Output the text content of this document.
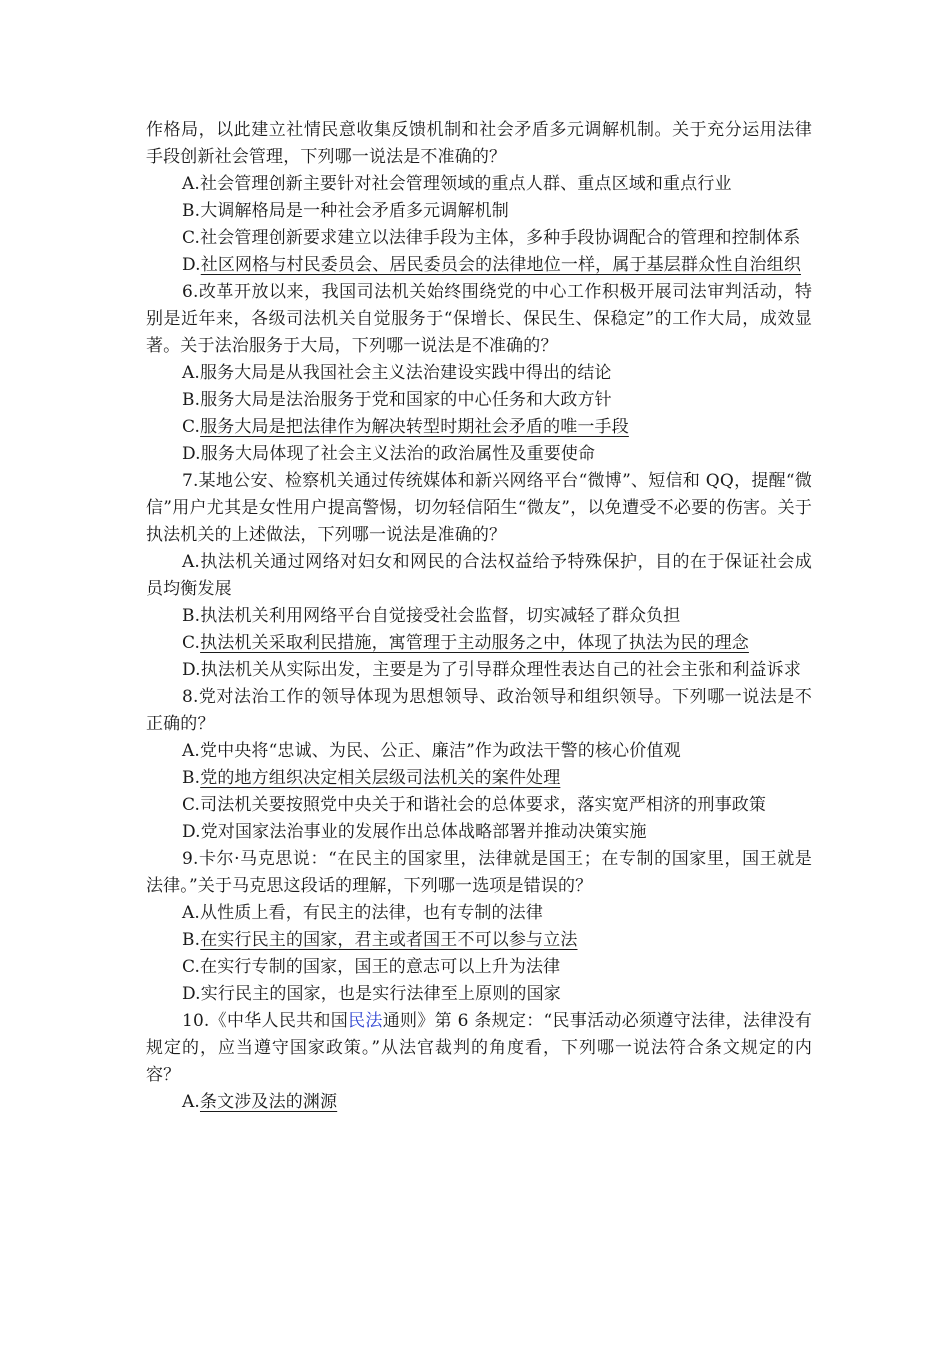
作格局，以此建立社情民意收集反馈机制和社会矛盾多元调解机制。关于充分运用法律手段创新社会管理，下列哪一说法是不准确的？

A.社会管理创新主要针对社会管理领域的重点人群、重点区域和重点行业

B.大调解格局是一种社会矛盾多元调解机制

C.社会管理创新要求建立以法律手段为主体，多种手段协调配合的管理和控制体系

D.社区网格与村民委员会、居民委员会的法律地位一样，属于基层群众性自治组织

6.改革开放以来，我国司法机关始终围绕党的中心工作积极开展司法审判活动，特别是近年来，各级司法机关自觉服务于“保增长、保民生、保稳定”的工作大局，成效显著。关于法治服务于大局，下列哪一说法是不准确的？

A.服务大局是从我国社会主义法治建设实践中得出的结论

B.服务大局是法治服务于党和国家的中心任务和大政方针

C.服务大局是把法律作为解决转型时期社会矛盾的唯一手段

D.服务大局体现了社会主义法治的政治属性及重要使命

7.某地公安、检察机关通过传统媒体和新兴网络平台“微博”、短信和 QQ，提醒“微信”用户尤其是女性用户提高警惕，切勿轻信陌生“微友”，以免遭受不必要的伤害。关于执法机关的上述做法，下列哪一说法是准确的？

A.执法机关通过网络对妇女和网民的合法权益给予特殊保护，目的在于保证社会成员均衡发展

B.执法机关利用网络平台自觉接受社会监督，切实减轻了群众负担

C.执法机关采取利民措施，寓管理于主动服务之中，体现了执法为民的理念

D.执法机关从实际出发，主要是为了引导群众理性表达自己的社会主张和利益诉求

8.党对法治工作的领导体现为思想领导、政治领导和组织领导。下列哪一说法是不正确的？

A.党中央将“忠诚、为民、公正、廉洁”作为政法干警的核心价值观

B.党的地方组织决定相关层级司法机关的案件处理

C.司法机关要按照党中央关于和谐社会的总体要求，落实宽严相济的刑事政策

D.党对国家法治事业的发展作出总体战略部署并推动决策实施

9.卡尔·马克思说：“在民主的国家里，法律就是国王；在专制的国家里，国王就是法律。”关于马克思这段话的理解，下列哪一选项是错误的？

A.从性质上看，有民主的法律，也有专制的法律

B.在实行民主的国家，君主或者国王不可以参与立法

C.在实行专制的国家，国王的意志可以上升为法律

D.实行民主的国家，也是实行法律至上原则的国家

10.《中华人民共和国民法通则》第 6 条规定：“民事活动必须遵守法律，法律没有规定的，应当遵守国家政策。”从法官裁判的角度看，下列哪一说法符合条文规定的内容？

A.条文涉及法的渊源
